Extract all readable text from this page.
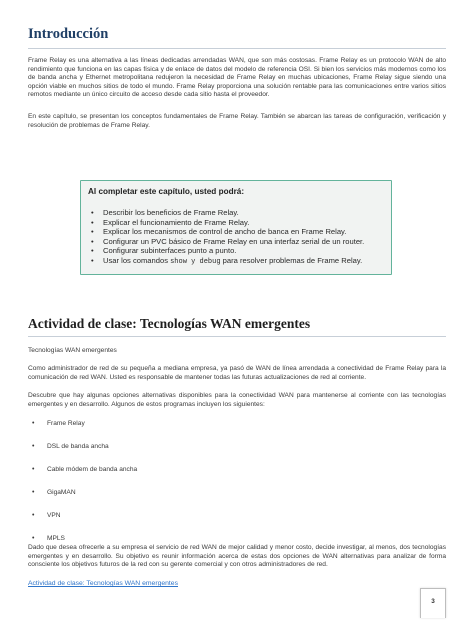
Introducción

Frame Relay es una alternativa a las líneas dedicadas arrendadas WAN, que son más costosas. Frame Relay es un protocolo WAN de alto rendimiento que funciona en las capas física y de enlace de datos del modelo de referencia OSI. Si bien los servicios más modernos como los de banda ancha y Ethernet metropolitana redujeron la necesidad de Frame Relay en muchas ubicaciones, Frame Relay sigue siendo una opción viable en muchos sitios de todo el mundo. Frame Relay proporciona una solución rentable para las comunicaciones entre varios sitios remotos mediante un único circuito de acceso desde cada sitio hasta el proveedor.

En este capítulo, se presentan los conceptos fundamentales de Frame Relay. También se abarcan las tareas de configuración, verificación y resolución de problemas de Frame Relay.

Al completar este capítulo, usted podrá:
• Describir los beneficios de Frame Relay.
• Explicar el funcionamiento de Frame Relay.
• Explicar los mecanismos de control de ancho de banca en Frame Relay.
• Configurar un PVC básico de Frame Relay en una interfaz serial de un router.
• Configurar subinterfaces punto a punto.
• Usar los comandos show y debug para resolver problemas de Frame Relay.
Actividad de clase: Tecnologías WAN emergentes

Tecnologías WAN emergentes

Como administrador de red de su pequeña a mediana empresa, ya pasó de WAN de línea arrendada a conectividad de Frame Relay para la comunicación de red WAN. Usted es responsable de mantener todas las futuras actualizaciones de red al corriente.

Descubre que hay algunas opciones alternativas disponibles para la conectividad WAN para mantenerse al corriente con las tecnologías emergentes y en desarrollo. Algunos de estos programas incluyen los siguientes:

3
• Frame Relay
• DSL de banda ancha
• Cable módem de banda ancha
• GigaMAN
• VPN
• MPLS

Dado que desea ofrecerle a su empresa el servicio de red WAN de mejor calidad y menor costo, decide investigar, al menos, dos tecnologías emergentes y en desarrollo. Su objetivo es reunir información acerca de estas dos opciones de WAN alternativas para analizar de forma consciente los objetivos futuros de la red con su gerente comercial y con otros administradores de red.

Actividad de clase: Tecnologías WAN emergentes
